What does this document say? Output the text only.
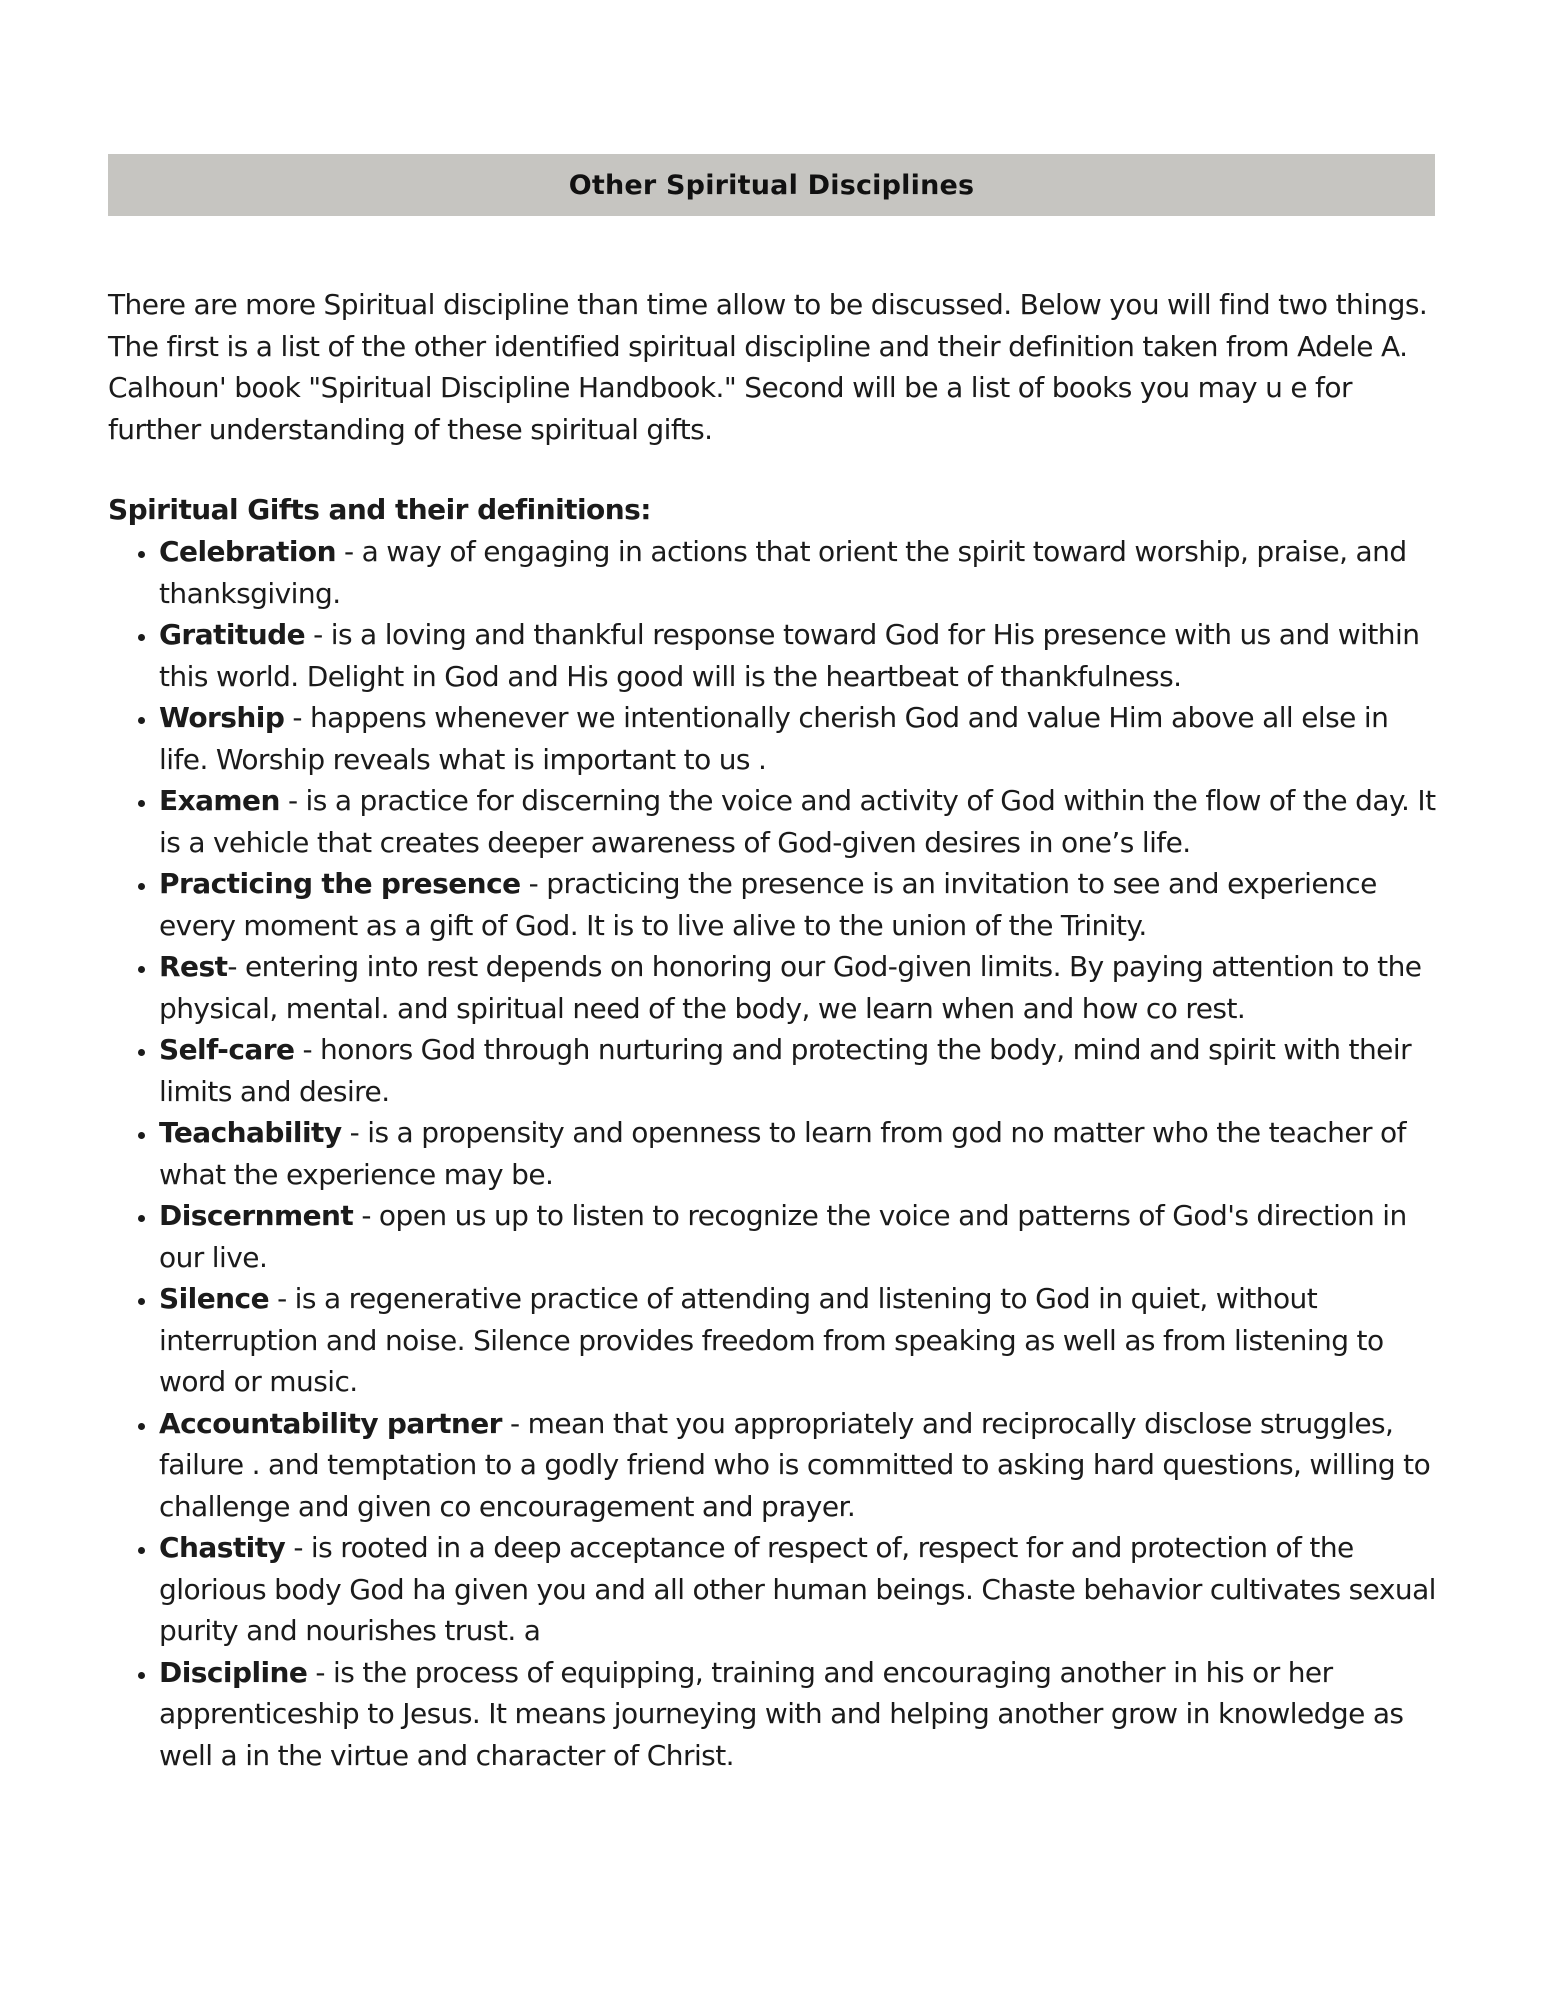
Other Spiritual Disciplines

There are more Spiritual discipline than time allow to be discussed. Below you will find two things. The first is a list of the other identified spiritual discipline and their definition taken from Adele A. Calhoun' book "Spiritual Discipline Handbook." Second will be a list of books you may u e for further understanding of these spiritual gifts.

Spiritual Gifts and their definitions:

• Celebration - a way of engaging in actions that orient the spirit toward worship, praise, and thanksgiving.
• Gratitude - is a loving and thankful response toward God for His presence with us and within this world. Delight in God and His good will is the heartbeat of thankfulness.
• Worship - happens whenever we intentionally cherish God and value Him above all else in life. Worship reveals what is important to us .
• Examen - is a practice for discerning the voice and activity of God within the flow of the day. It is a vehicle that creates deeper awareness of God-given desires in one’s life.
• Practicing the presence - practicing the presence is an invitation to see and experience every moment as a gift of God. It is to live alive to the union of the Trinity.
• Rest- entering into rest depends on honoring our God-given limits. By paying attention to the physical, mental. and spiritual need of the body, we learn when and how co rest.
• Self-care - honors God through nurturing and protecting the body, mind and spirit with their limits and desire.
• Teachability - is a propensity and openness to learn from god no matter who the teacher of what the experience may be.
• Discernment - open us up to listen to recognize the voice and patterns of God's direction in our live.
• Silence - is a regenerative practice of attending and listening to God in quiet, without interruption and noise. Silence provides freedom from speaking as well as from listening to word or music.
• Accountability partner - mean that you appropriately and reciprocally disclose struggles, failure . and temptation to a godly friend who is committed to asking hard questions, willing to challenge and given co encouragement and prayer.
• Chastity - is rooted in a deep acceptance of respect of, respect for and protection of the glorious body God ha given you and all other human beings. Chaste behavior cultivates sexual purity and nourishes trust. a
• Discipline - is the process of equipping, training and encouraging another in his or her apprenticeship to Jesus. It means journeying with and helping another grow in knowledge as well a in the virtue and character of Christ.
